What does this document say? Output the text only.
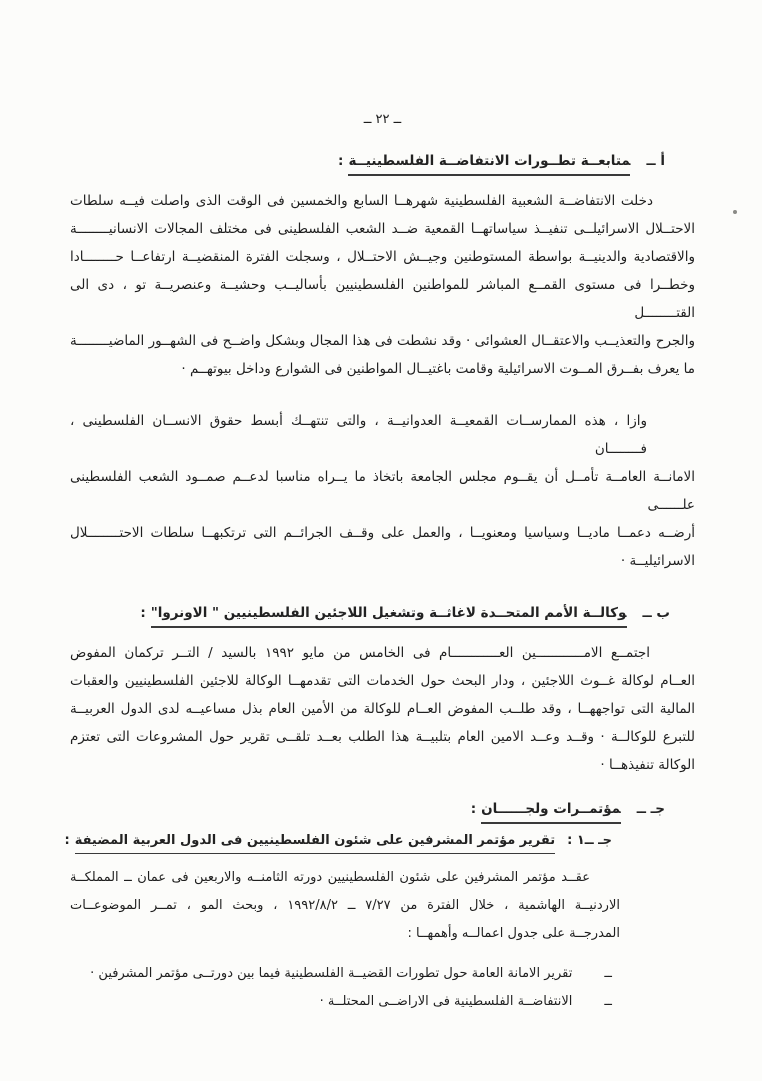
ــ ٢٢ ــ
أ ــمتابعــة تطــورات الانتفاضــة الفلسطينيــة:
دخلت الانتفاضــة الشعبية الفلسطينية شهرهــا السابع والخمسين فى الوقت الذى واصلت فيــه سلطات
الاحتــلال الاسرائيلــى تنفيــذ سياساتهــا القمعية ضــد الشعب الفلسطينى فى مختلف المجالات الانسانيــــــــة
والاقتصادية والدينيــة بواسطة المستوطنين وجيــش الاحتــلال ، وسجلت الفترة المنقضيــة ارتفاعــا حــــــــادا
وخطــرا فى مستوى القمــع المباشر للمواطنين الفلسطينيين بأساليــب وحشيــة وعنصريــة تو ، دى الى القتــــــــل
والجرح والتعذيــب والاعتقــال العشوائى · وقد نشطت فى هذا المجال وبشكل واضــح فى الشهــور الماضيــــــــة
ما يعرف بفــرق المــوت الاسرائيلية وقامت باغتيــال المواطنين فى الشوارع وداخل بيوتهــم ·
وازا ، هذه الممارســات القمعيــة العدوانيــة ، والتى تنتهــك أبسط حقوق الانســان الفلسطينى ، فــــــــان
الامانــة العامــة تأمــل أن يقــوم مجلس الجامعة باتخاذ ما يــراه مناسبا لدعــم صمــود الشعب الفلسطينى علــــــى
أرضــه دعمــا ماديــا وسياسيا ومعنويــا ، والعمل على وقــف الجرائــم التى ترتكبهــا سلطات الاحتــــــــلال
الاسرائيليــة ·
ب ــوكالــة الأمم المتحــدة لاغاثــة وتشغيل اللاجئين الفلسطينيين " الاونروا":
اجتمــع الامــــــــــــين العــــــــــــام فى الخامس من مايو ١٩٩٢ بالسيد / التــر تركمان المفوض
العــام لوكالة غــوث اللاجئين ، ودار البحث حول الخدمات التى تقدمهــا الوكالة للاجئين الفلسطينيين والعقبات
المالية التى تواجههــا ، وقد طلــب المفوض العــام للوكالة من الأمين العام بذل مساعيــه لدى الدول العربيــة
للتبرع للوكالــة · وقــد وعــد الامين العام بتلبيــة هذا الطلب بعــد تلقــى تقرير حول المشروعات التى تعتزم
الوكالة تنفيذهــا ·
جـ ــمؤتمــرات ولجــــــان:
جـ ــ١ :تقرير مؤتمر المشرفين على شئون الفلسطينيين فى الدول العربية المضيفة:
عقــد مؤتمر المشرفين على شئون الفلسطينيين دورته الثامنــه والاربعين فى عمان ــ المملكــة
الاردنيــة الهاشمية ، خلال الفترة من ٧/٢٧ ــ ١٩٩٢/٨/٢ ، وبحث المو ، تمــر الموضوعــات
المدرجــة على جدول اعمالــه وأهمهــا :
ــ
تقرير الامانة العامة حول تطورات القضيــة الفلسطينية فيما بين دورتــى مؤتمر المشرفين ·
ــ
الانتفاضــة الفلسطينية فى الاراضــى المحتلــة ·
